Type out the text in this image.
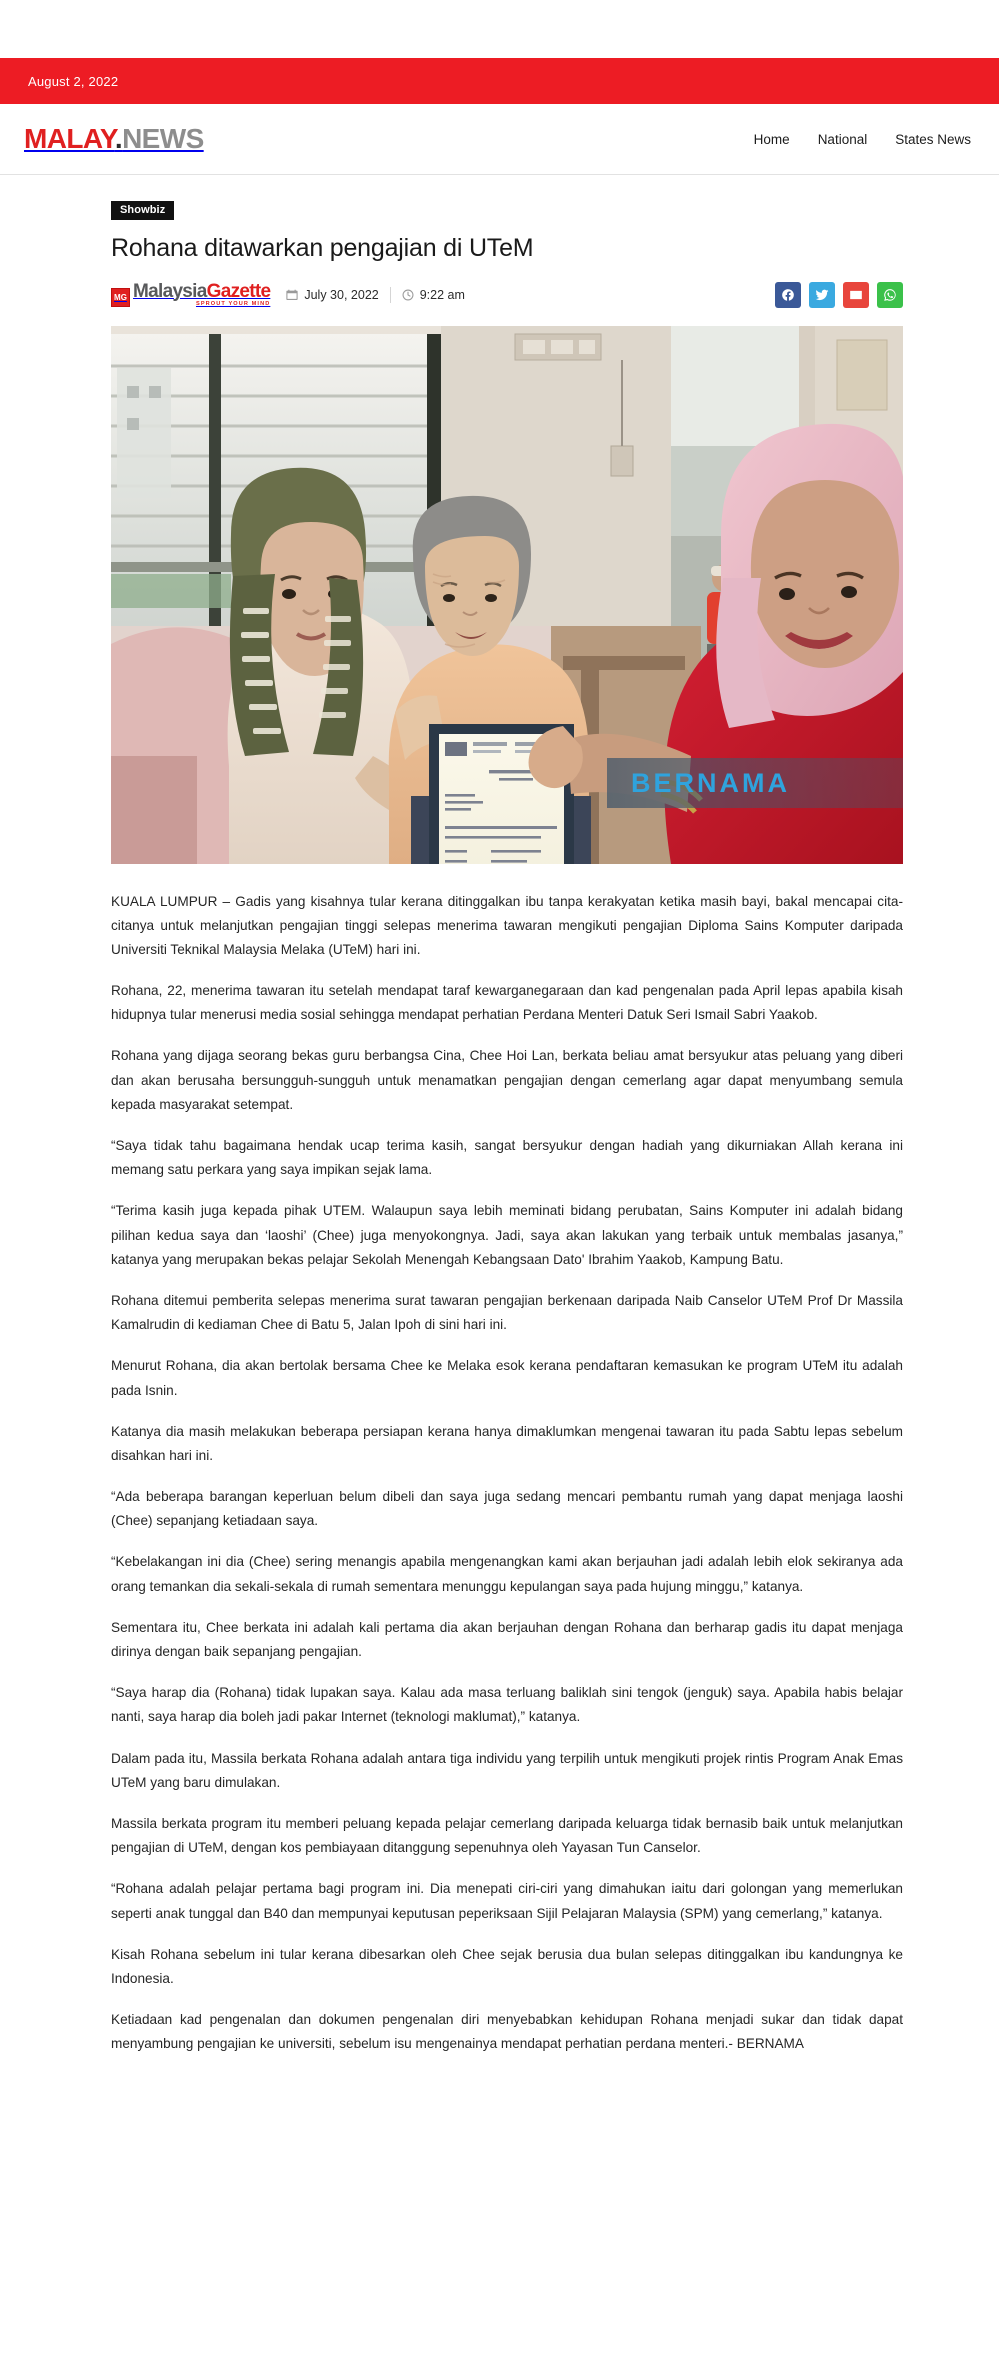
August 2, 2022
MALAY.NEWS	Home National States News
Showbiz
Rohana ditawarkan pengajian di UTeM
MG MalaysiaGazette
SPROUT YOUR MIND
July 30, 2022	9:22 am
BERNAMA

KUALA LUMPUR – Gadis yang kisahnya tular kerana ditinggalkan ibu tanpa kerakyatan ketika masih bayi, bakal mencapai cita-citanya untuk melanjutkan pengajian tinggi selepas menerima tawaran mengikuti pengajian Diploma Sains Komputer daripada Universiti Teknikal Malaysia Melaka (UTeM) hari ini.

Rohana, 22, menerima tawaran itu setelah mendapat taraf kewarganegaraan dan kad pengenalan pada April lepas apabila kisah hidupnya tular menerusi media sosial sehingga mendapat perhatian Perdana Menteri Datuk Seri Ismail Sabri Yaakob.

Rohana yang dijaga seorang bekas guru berbangsa Cina, Chee Hoi Lan, berkata beliau amat bersyukur atas peluang yang diberi dan akan berusaha bersungguh-sungguh untuk menamatkan pengajian dengan cemerlang agar dapat menyumbang semula kepada masyarakat setempat.

“Saya tidak tahu bagaimana hendak ucap terima kasih, sangat bersyukur dengan hadiah yang dikurniakan Allah kerana ini memang satu perkara yang saya impikan sejak lama.

“Terima kasih juga kepada pihak UTEM. Walaupun saya lebih meminati bidang perubatan, Sains Komputer ini adalah bidang pilihan kedua saya dan ‘laoshi’ (Chee) juga menyokongnya. Jadi, saya akan lakukan yang terbaik untuk membalas jasanya,” katanya yang merupakan bekas pelajar Sekolah Menengah Kebangsaan Dato' Ibrahim Yaakob, Kampung Batu.

Rohana ditemui pemberita selepas menerima surat tawaran pengajian berkenaan daripada Naib Canselor UTeM Prof Dr Massila Kamalrudin di kediaman Chee di Batu 5, Jalan Ipoh di sini hari ini.

Menurut Rohana, dia akan bertolak bersama Chee ke Melaka esok kerana pendaftaran kemasukan ke program UTeM itu adalah pada Isnin.

Katanya dia masih melakukan beberapa persiapan kerana hanya dimaklumkan mengenai tawaran itu pada Sabtu lepas sebelum disahkan hari ini.

“Ada beberapa barangan keperluan belum dibeli dan saya juga sedang mencari pembantu rumah yang dapat menjaga laoshi (Chee) sepanjang ketiadaan saya.

“Kebelakangan ini dia (Chee) sering menangis apabila mengenangkan kami akan berjauhan jadi adalah lebih elok sekiranya ada orang temankan dia sekali-sekala di rumah sementara menunggu kepulangan saya pada hujung minggu,” katanya.

Sementara itu, Chee berkata ini adalah kali pertama dia akan berjauhan dengan Rohana dan berharap gadis itu dapat menjaga dirinya dengan baik sepanjang pengajian.

“Saya harap dia (Rohana) tidak lupakan saya. Kalau ada masa terluang baliklah sini tengok (jenguk) saya. Apabila habis belajar nanti, saya harap dia boleh jadi pakar Internet (teknologi maklumat),” katanya.

Dalam pada itu, Massila berkata Rohana adalah antara tiga individu yang terpilih untuk mengikuti projek rintis Program Anak Emas UTeM yang baru dimulakan.

Massila berkata program itu memberi peluang kepada pelajar cemerlang daripada keluarga tidak bernasib baik untuk melanjutkan pengajian di UTeM, dengan kos pembiayaan ditanggung sepenuhnya oleh Yayasan Tun Canselor.

“Rohana adalah pelajar pertama bagi program ini. Dia menepati ciri-ciri yang dimahukan iaitu dari golongan yang memerlukan seperti anak tunggal dan B40 dan mempunyai keputusan peperiksaan Sijil Pelajaran Malaysia (SPM) yang cemerlang,” katanya.

Kisah Rohana sebelum ini tular kerana dibesarkan oleh Chee sejak berusia dua bulan selepas ditinggalkan ibu kandungnya ke Indonesia.

Ketiadaan kad pengenalan dan dokumen pengenalan diri menyebabkan kehidupan Rohana menjadi sukar dan tidak dapat menyambung pengajian ke universiti, sebelum isu mengenainya mendapat perhatian perdana menteri.- BERNAMA
